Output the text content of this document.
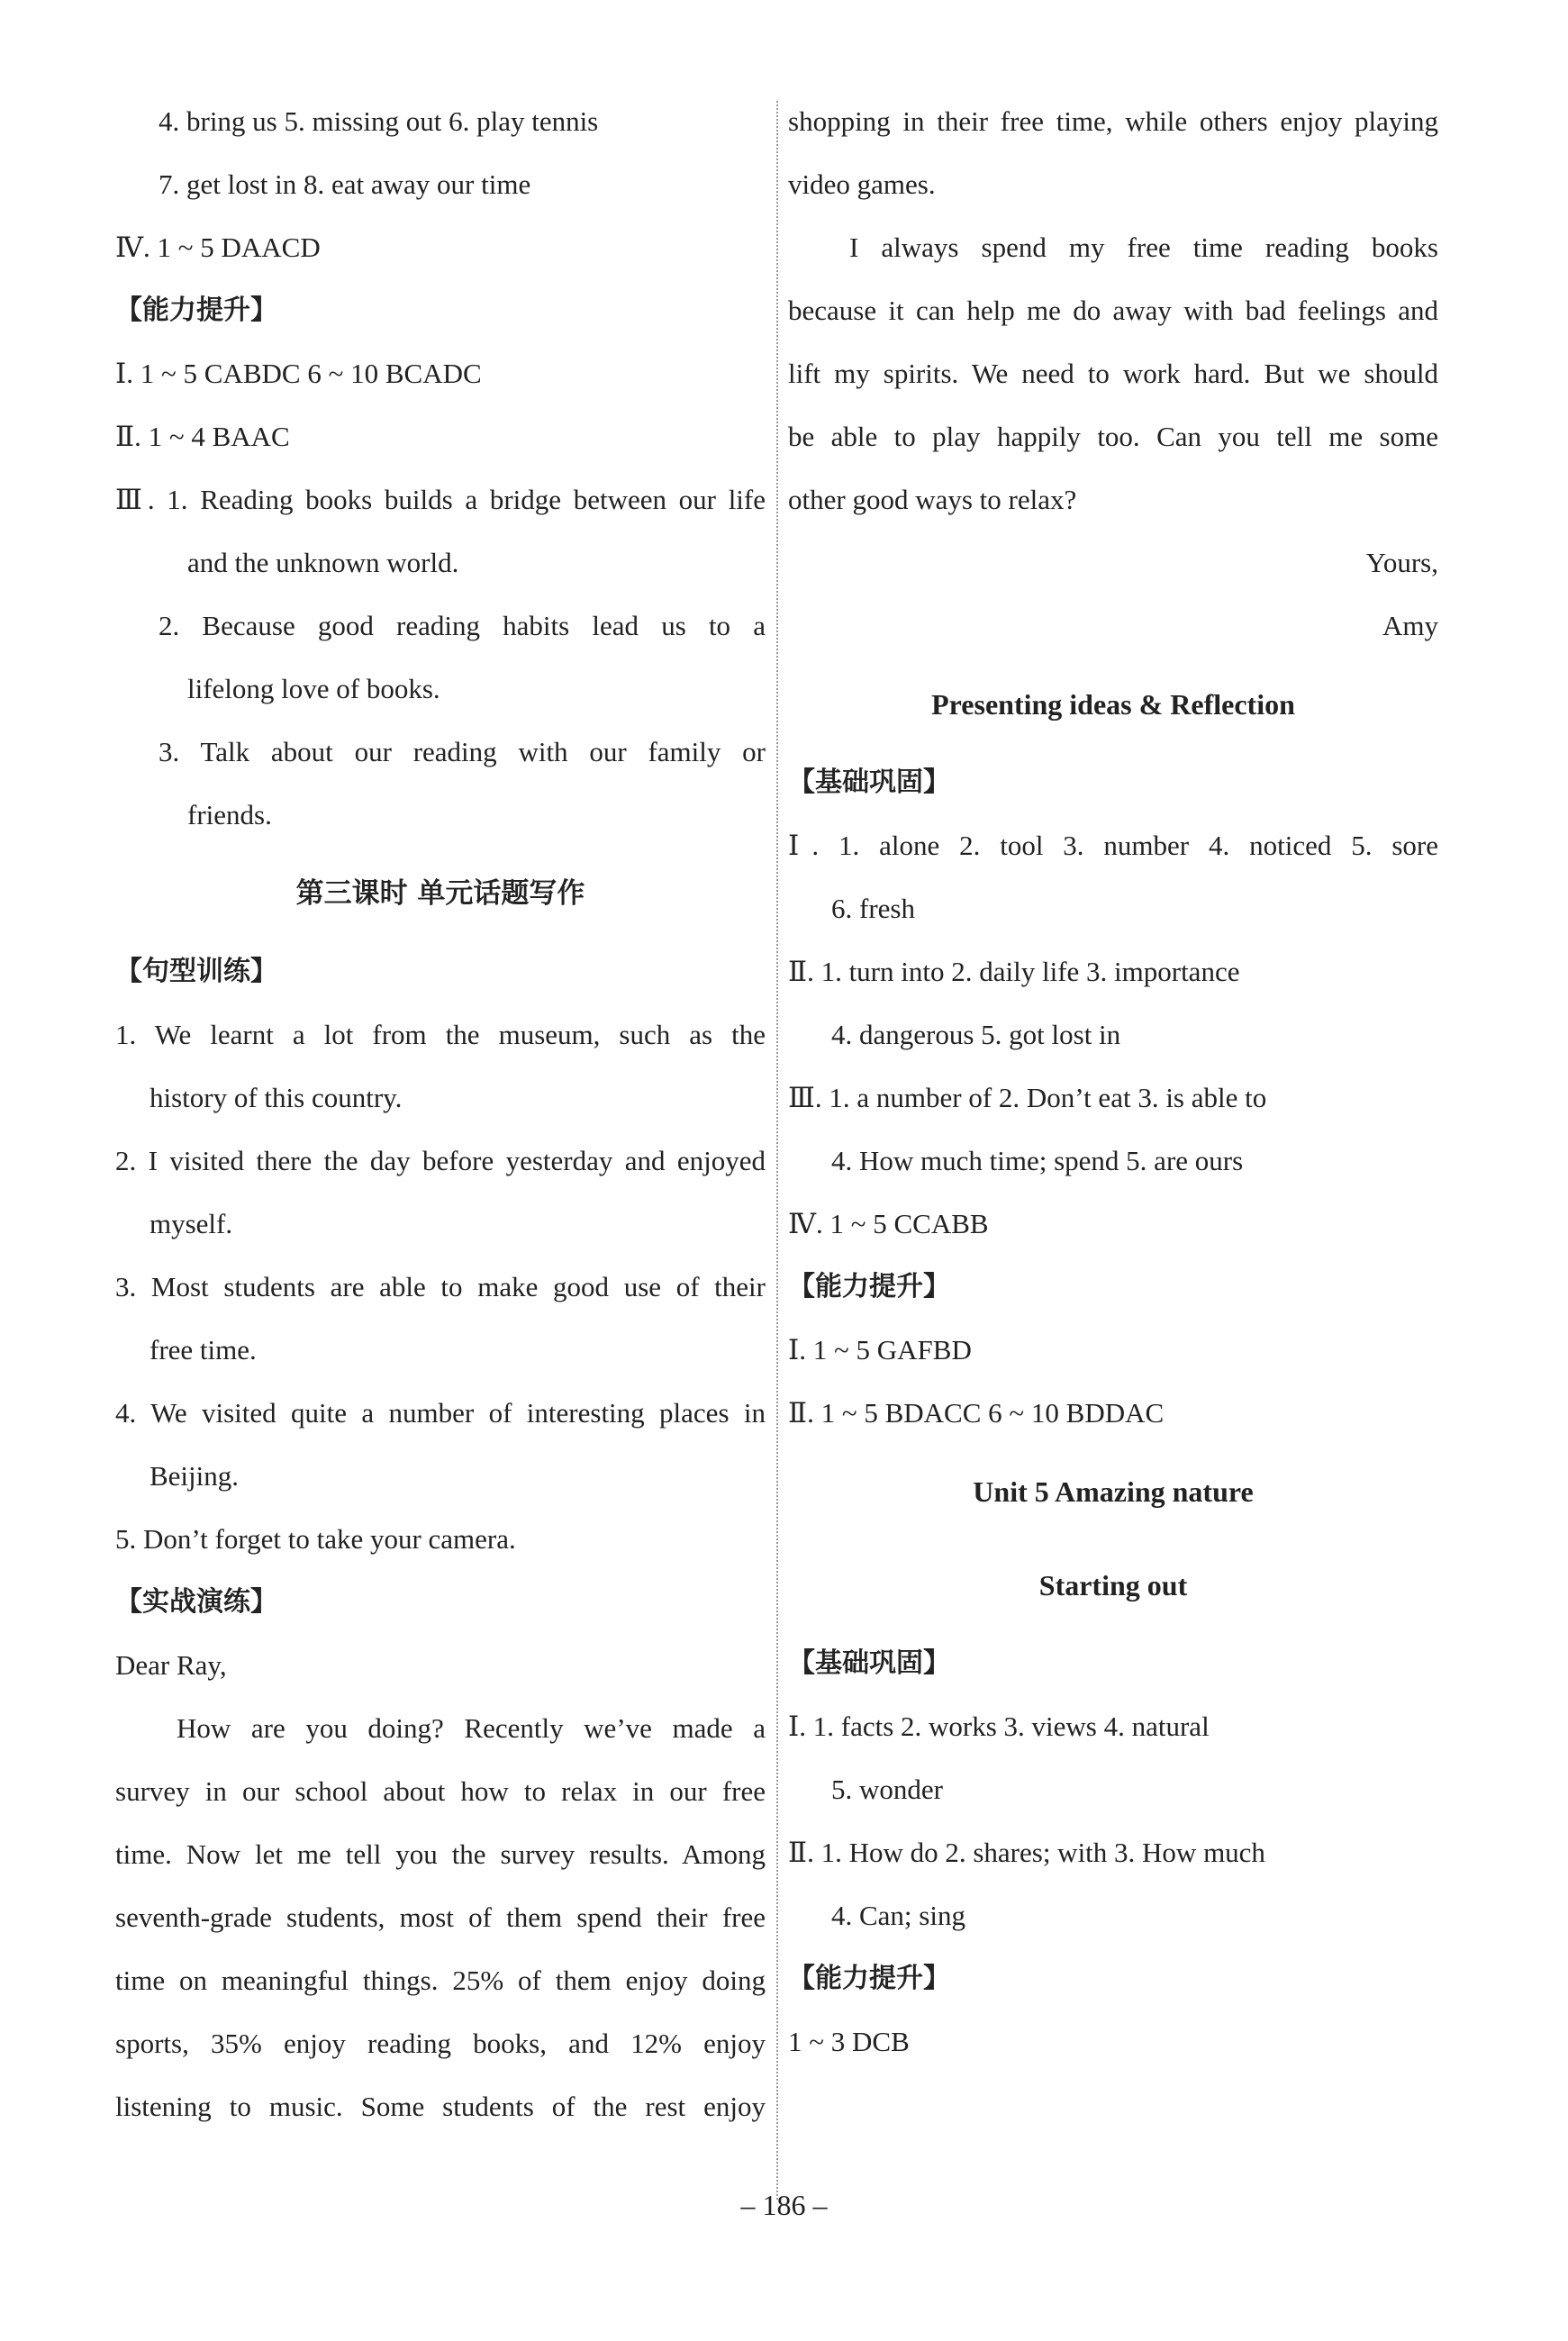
4. bring us 5. missing out 6. play tennis
7. get lost in 8. eat away our time
Ⅳ. 1 ~ 5 DAACD
【能力提升】
Ⅰ. 1 ~ 5 CABDC 6 ~ 10 BCADC
Ⅱ. 1 ~ 4 BAAC
Ⅲ. 1. Reading books builds a bridge between our life
and the unknown world.
2. Because good reading habits lead us to a
lifelong love of books.
3. Talk about our reading with our family or
friends.
第三课时 单元话题写作
【句型训练】
1. We learnt a lot from the museum, such as the
history of this country.
2. I visited there the day before yesterday and enjoyed
myself.
3. Most students are able to make good use of their
free time.
4. We visited quite a number of interesting places in
Beijing.
5. Don’t forget to take your camera.
【实战演练】
Dear Ray,
How are you doing? Recently we’ve made a
survey in our school about how to relax in our free
time. Now let me tell you the survey results. Among
seventh-grade students, most of them spend their free
time on meaningful things. 25% of them enjoy doing
sports, 35% enjoy reading books, and 12% enjoy
listening to music. Some students of the rest enjoy
shopping in their free time, while others enjoy playing
video games.
I always spend my free time reading books
because it can help me do away with bad feelings and
lift my spirits. We need to work hard. But we should
be able to play happily too. Can you tell me some
other good ways to relax?
Yours,
Amy
Presenting ideas & Reflection
【基础巩固】
Ⅰ. 1. alone 2. tool 3. number 4. noticed 5. sore
6. fresh
Ⅱ. 1. turn into 2. daily life 3. importance
4. dangerous 5. got lost in
Ⅲ. 1. a number of 2. Don’t eat 3. is able to
4. How much time; spend 5. are ours
Ⅳ. 1 ~ 5 CCABB
【能力提升】
Ⅰ. 1 ~ 5 GAFBD
Ⅱ. 1 ~ 5 BDACC 6 ~ 10 BDDAC
Unit 5 Amazing nature
Starting out
【基础巩固】
Ⅰ. 1. facts 2. works 3. views 4. natural
5. wonder
Ⅱ. 1. How do 2. shares; with 3. How much
4. Can; sing
【能力提升】
1 ~ 3 DCB
– 186 –
